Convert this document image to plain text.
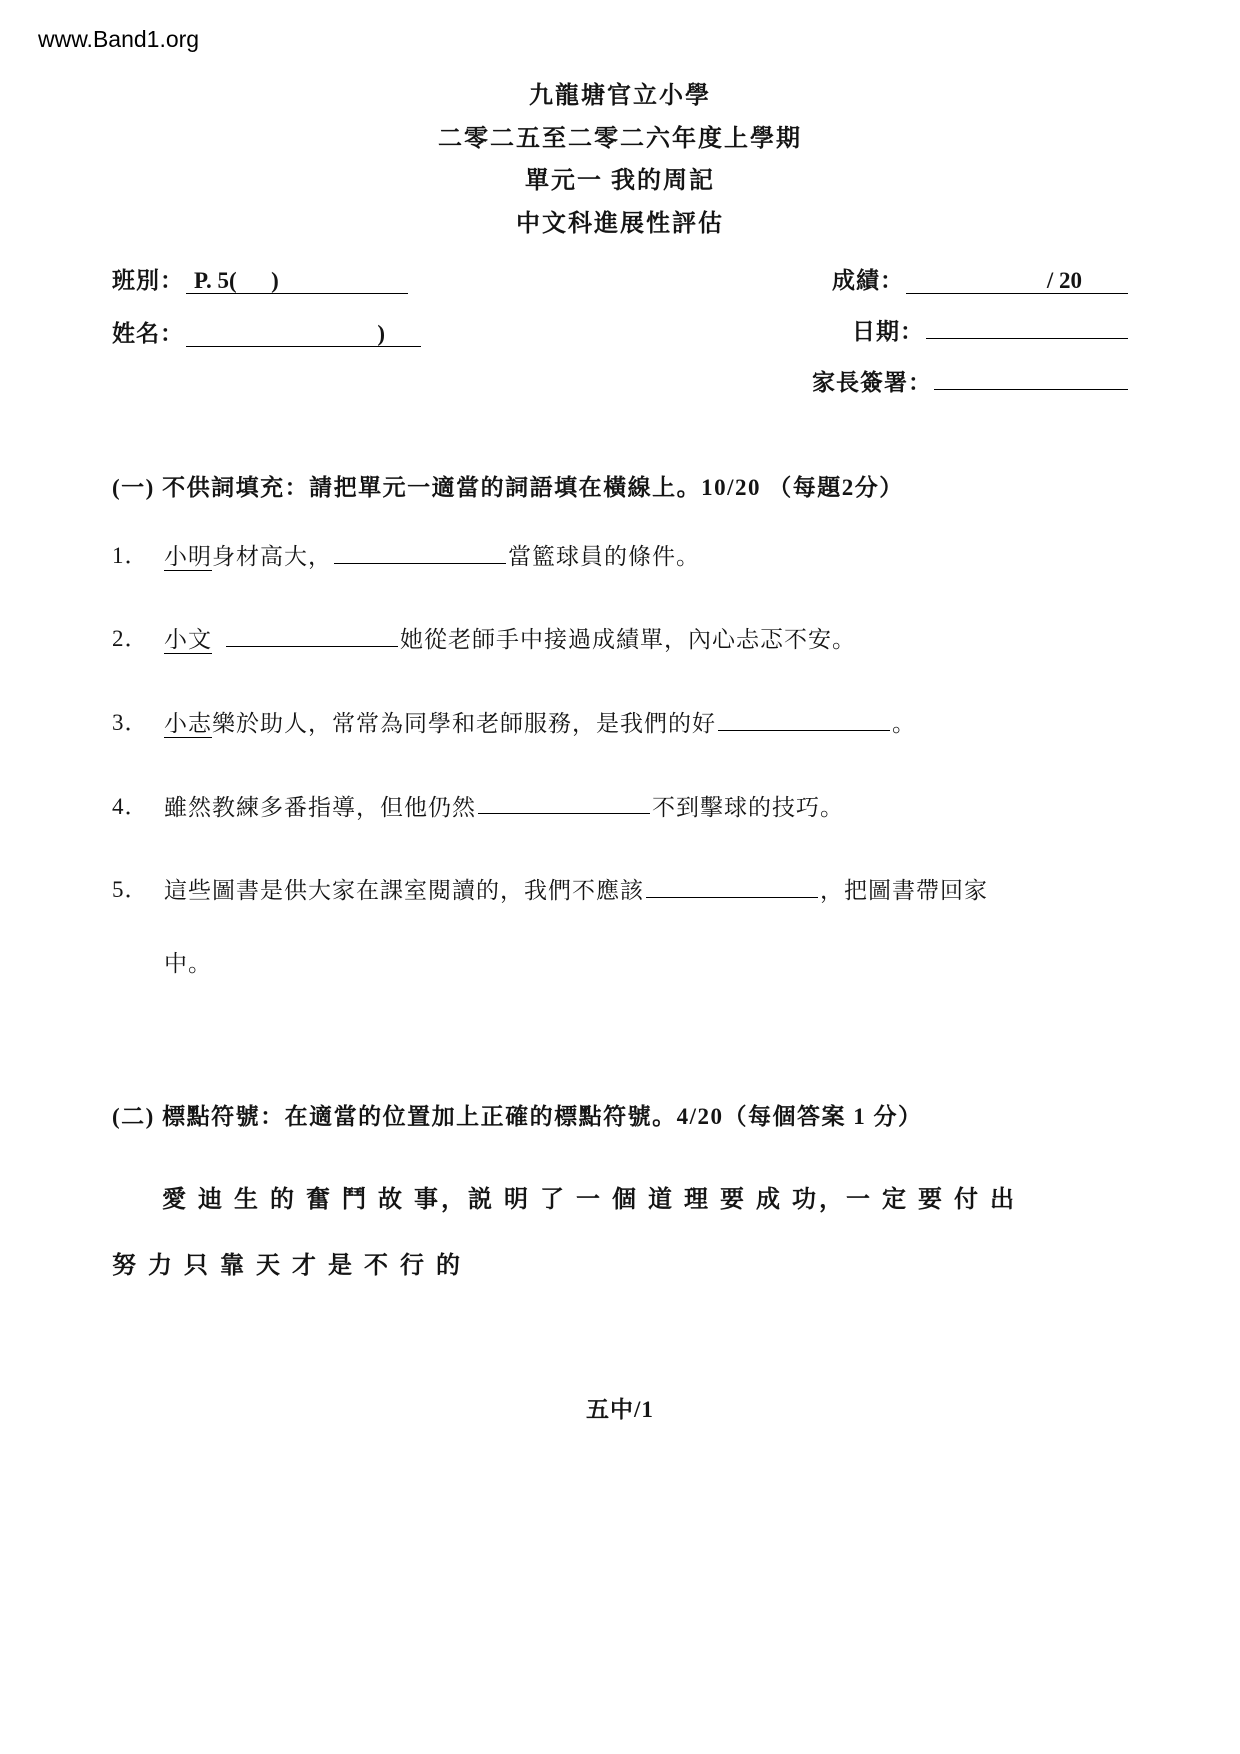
www.Band1.org
九龍塘官立小學
二零二五至二零二六年度上學期
單元一 我的周記
中文科進展性評估
班別： P. 5(      )
姓名：	)
成績：	/ 20
日期：
家長簽署：
(一) 不供詞填充：請把單元一適當的詞語填在橫線上。10/20 （每題2分）
1． 小明身材高大，	當籃球員的條件。
2． 小文	她從老師手中接過成績單，內心忐忑不安。
3． 小志樂於助人，常常為同學和老師服務，是我們的好	。
4． 雖然教練多番指導，但他仍然	不到擊球的技巧。
5． 這些圖書是供大家在課室閱讀的，我們不應該	，把圖書帶回家
中。
(二) 標點符號：在適當的位置加上正確的標點符號。4/20（每個答案 1 分）
愛 迪 生 的 奮 鬥 故 事，説 明 了 一 個 道 理 要 成 功，一 定 要 付 出
努 力 只 靠 天 才 是 不 行 的
五中/1
